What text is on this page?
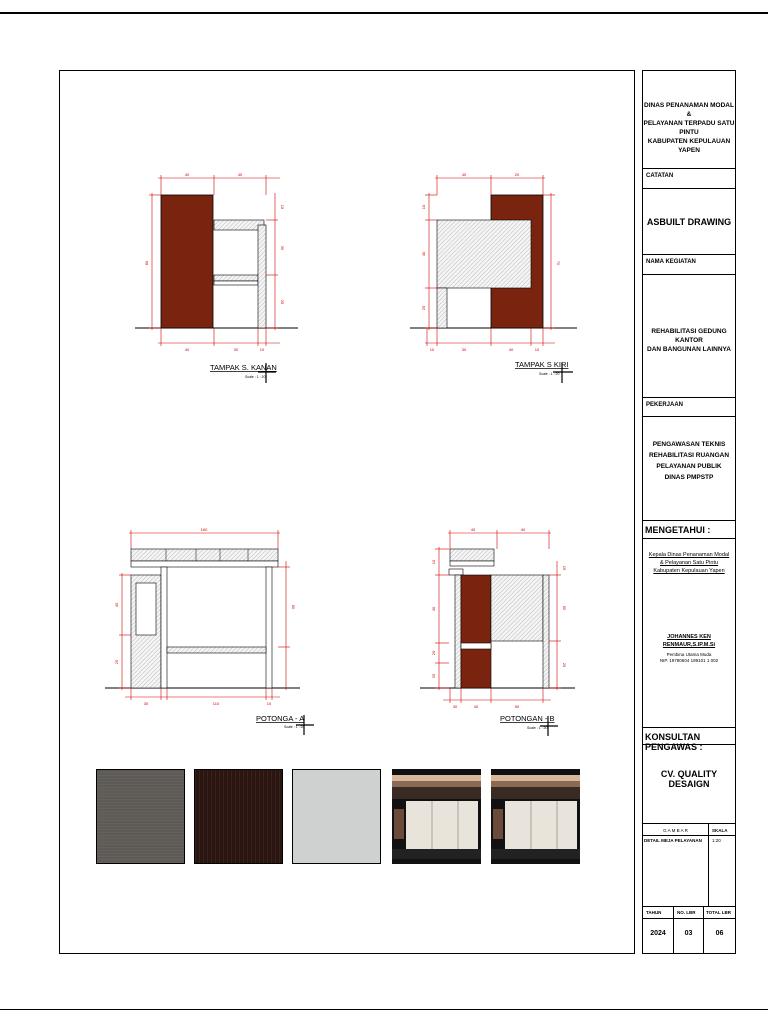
40	40
40	30	10
80
15
30
25
TAMPAK S. KANAN
Scale : 1 : 20
40	20
10	30	40	10
10
40
25
70
TAMPAK S KIRI
Scale : 1 : 20
160
30	110	10
40
25
50
POTONGA - A
Scale : 1 : 20
40	40
30	40	50
10
40
20
25
15
50
25
POTONGAN - B
Scale : 1 : 20
DINAS PENANAMAN MODAL &
PELAYANAN TERPADU SATU PINTU
KABUPATEN KEPULAUAN YAPEN
CATATAN
ASBUILT DRAWING
NAMA KEGIATAN
REHABILITASI GEDUNG KANTOR
DAN BANGUNAN LAINNYA
PEKERJAAN
PENGAWASAN TEKNIS
REHABILITASI RUANGAN
PELAYANAN PUBLIK
DINAS PMPSTP
MENGETAHUI :
Kepala Dinas Penanaman Modal
& Pelayanan Satu Pintu
Kabupaten Kepulauan Yapen
JOHANNES KEN RENMAUR,S.IP.M.Si
Pembina Utama Muda
NIP. 19780604 199101 1 002
KONSULTAN PENGAWAS :
CV. QUALITY DESAIGN
G A M B A R
DETAIL MEJA PELAYANAN
SKALA
1:20
TAHUN
2024
NO. LBR
03
TOTAL LBR
06
